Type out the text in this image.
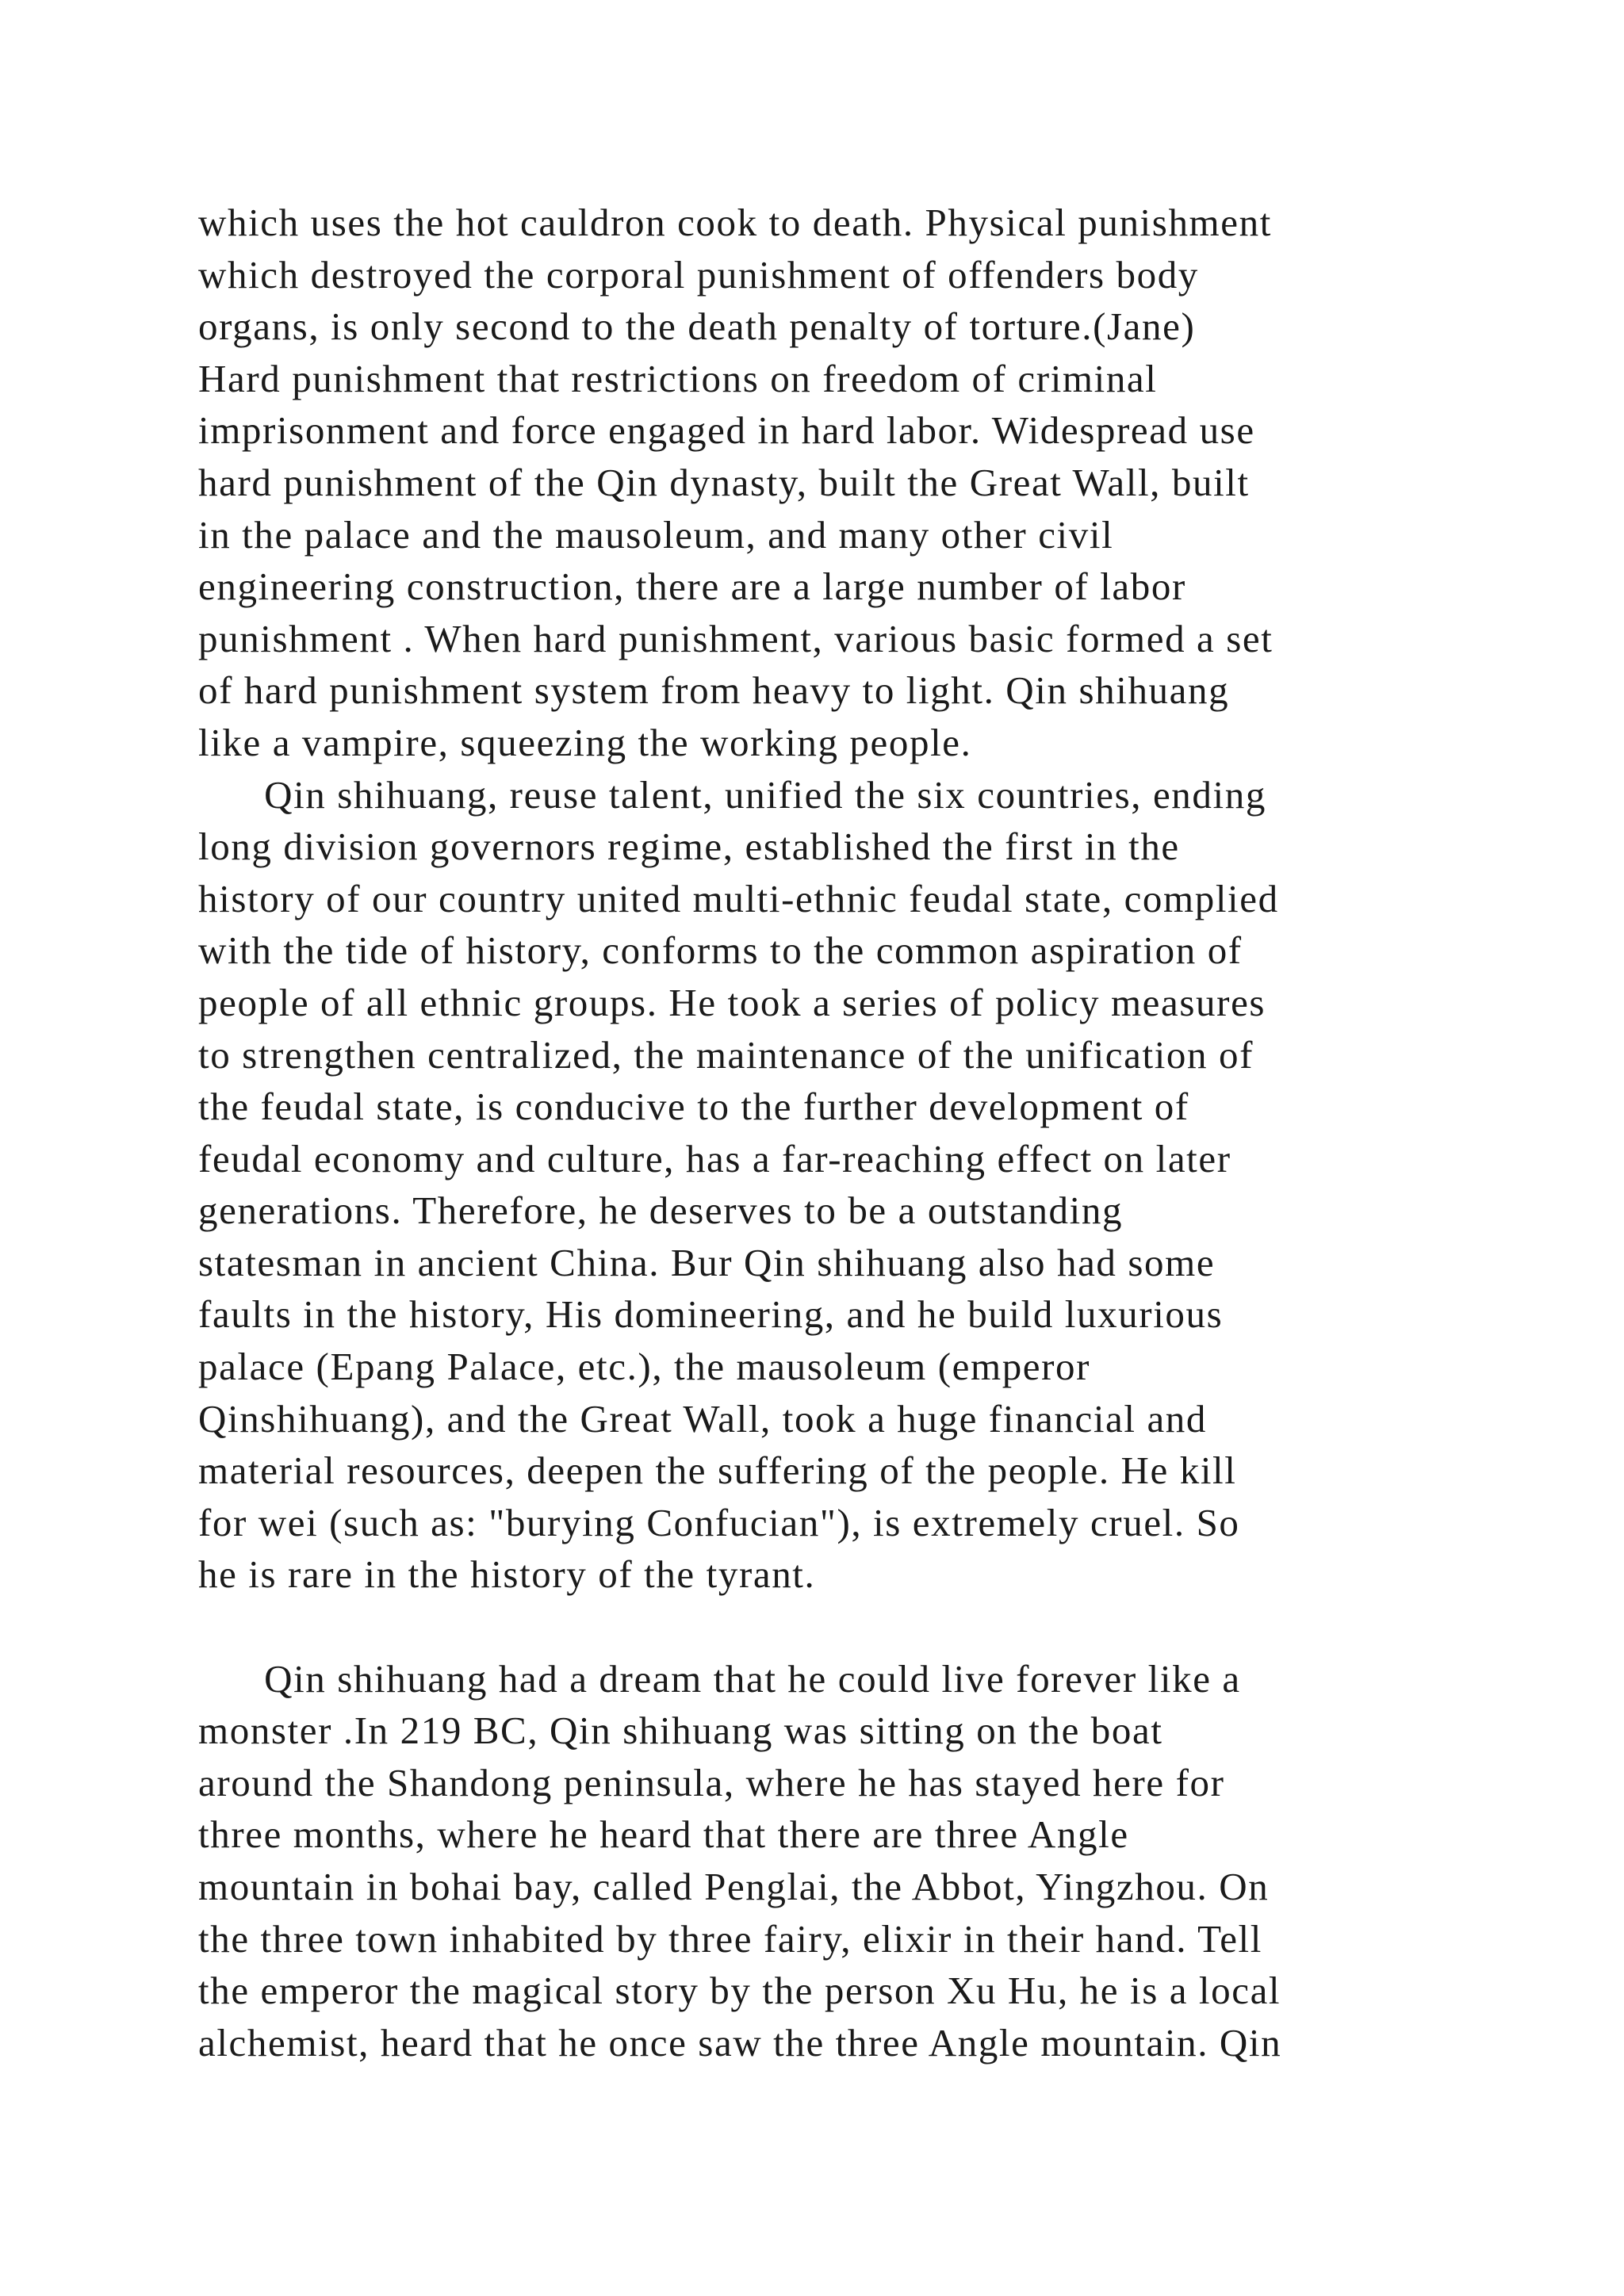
which uses the hot cauldron cook to death. Physical punishment
which destroyed the corporal punishment of offenders body
organs, is only second to the death penalty of torture.(Jane)
Hard punishment that restrictions on freedom of criminal
imprisonment and force engaged in hard labor. Widespread use
hard punishment of the Qin dynasty, built the Great Wall, built
in the palace and the mausoleum, and many other civil
engineering construction, there are a large number of labor
punishment . When hard punishment, various basic formed a set
of hard punishment system from heavy to light. Qin shihuang
like a vampire, squeezing the working people.
Qin shihuang, reuse talent, unified the six countries, ending
long division governors regime, established the first in the
history of our country united multi-ethnic feudal state, complied
with the tide of history, conforms to the common aspiration of
people of all ethnic groups. He took a series of policy measures
to strengthen centralized, the maintenance of the unification of
the feudal state, is conducive to the further development of
feudal economy and culture, has a far-reaching effect on later
generations. Therefore, he deserves to be a outstanding
statesman in ancient China. Bur Qin shihuang also had some
faults in the history, His domineering, and he build luxurious
palace (Epang Palace, etc.), the mausoleum (emperor
Qinshihuang), and the Great Wall, took a huge financial and
material resources, deepen the suffering of the people. He kill
for wei (such as: "burying Confucian"), is extremely cruel. So
he is rare in the history of the tyrant.
Qin shihuang had a dream that he could live forever like a
monster .In 219 BC, Qin shihuang was sitting on the boat
around the Shandong peninsula, where he has stayed here for
three months, where he heard that there are three Angle
mountain in bohai bay, called Penglai, the Abbot, Yingzhou. On
the three town inhabited by three fairy, elixir in their hand. Tell
the emperor the magical story by the person Xu Hu, he is a local
alchemist, heard that he once saw the three Angle mountain. Qin
